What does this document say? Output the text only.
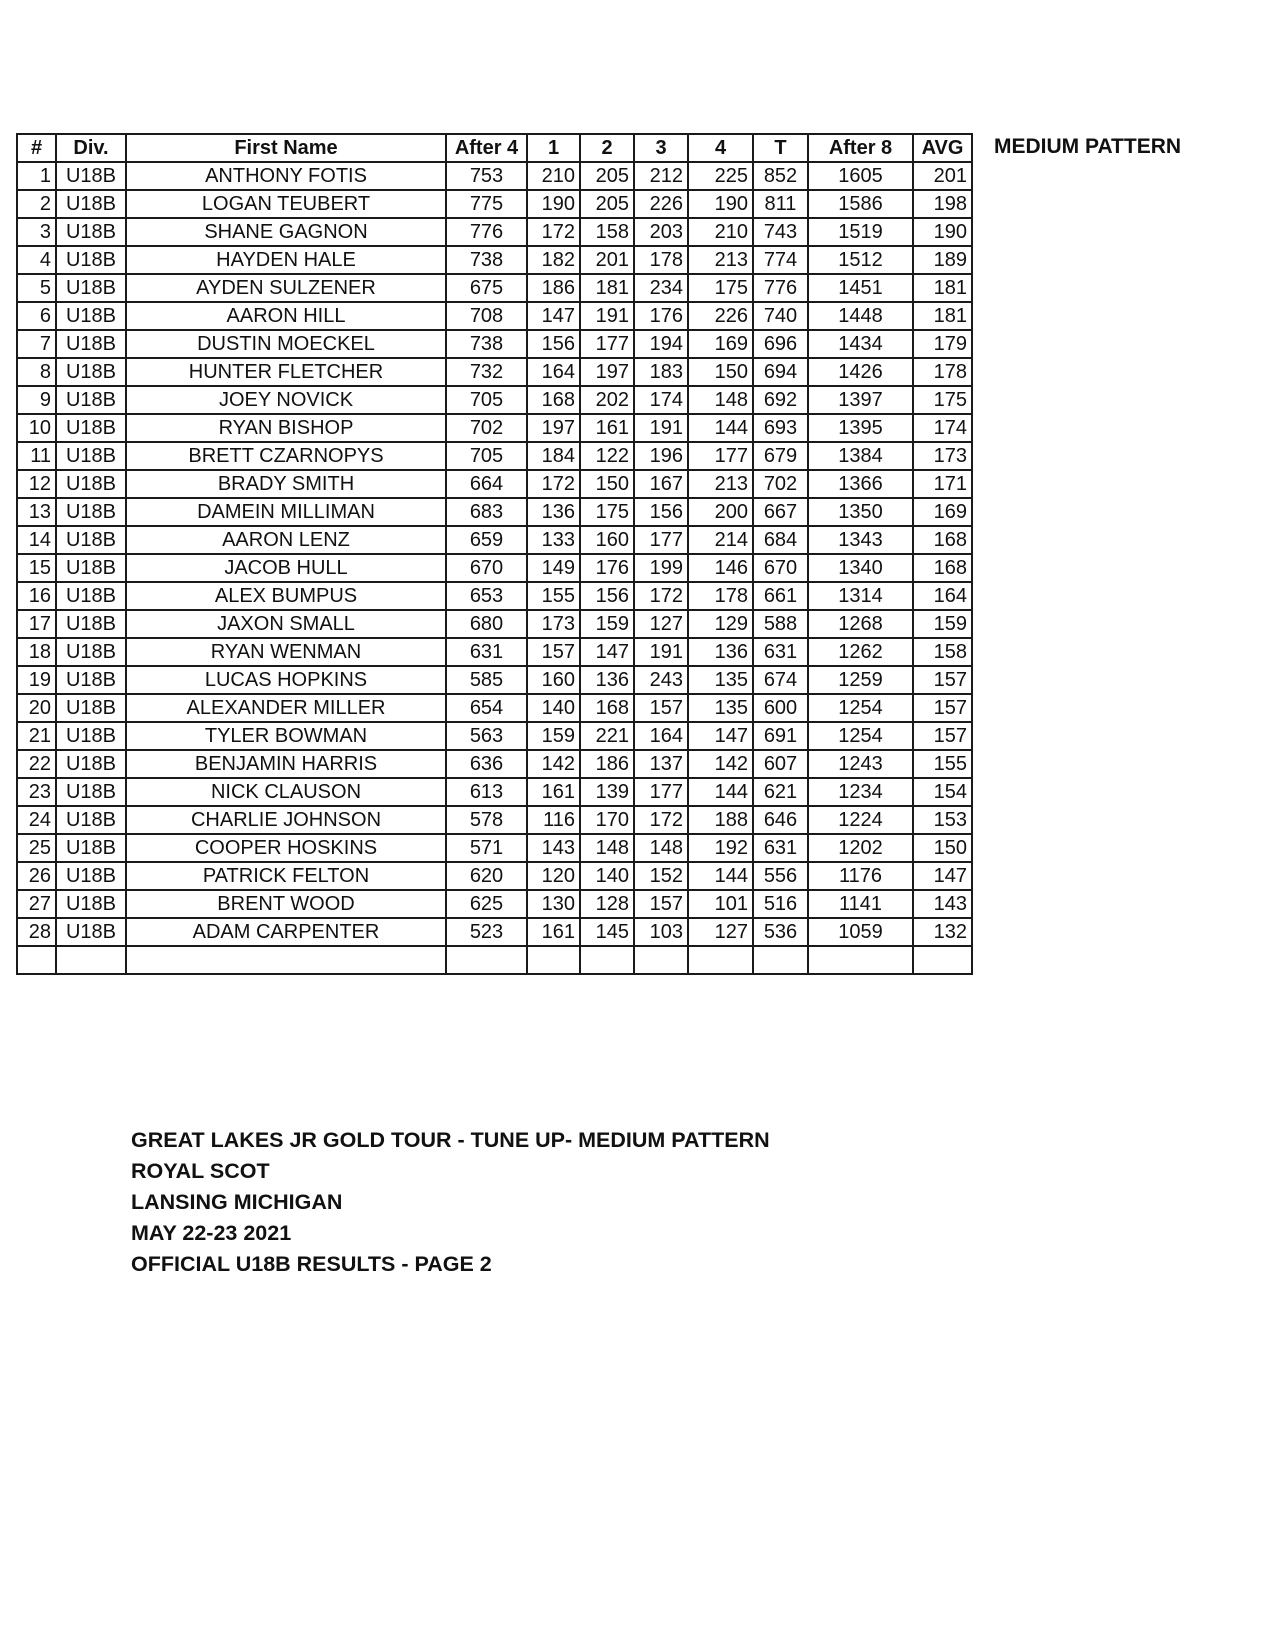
#	Div.	First Name	After 4	1	2	3	4	T	After 8	AVG
1	U18B	ANTHONY FOTIS	753	210	205	212	225	852	1605	201
2	U18B	LOGAN TEUBERT	775	190	205	226	190	811	1586	198
3	U18B	SHANE GAGNON	776	172	158	203	210	743	1519	190
4	U18B	HAYDEN HALE	738	182	201	178	213	774	1512	189
5	U18B	AYDEN SULZENER	675	186	181	234	175	776	1451	181
6	U18B	AARON HILL	708	147	191	176	226	740	1448	181
7	U18B	DUSTIN MOECKEL	738	156	177	194	169	696	1434	179
8	U18B	HUNTER FLETCHER	732	164	197	183	150	694	1426	178
9	U18B	JOEY NOVICK	705	168	202	174	148	692	1397	175
10	U18B	RYAN BISHOP	702	197	161	191	144	693	1395	174
11	U18B	BRETT CZARNOPYS	705	184	122	196	177	679	1384	173
12	U18B	BRADY SMITH	664	172	150	167	213	702	1366	171
13	U18B	DAMEIN MILLIMAN	683	136	175	156	200	667	1350	169
14	U18B	AARON LENZ	659	133	160	177	214	684	1343	168
15	U18B	JACOB HULL	670	149	176	199	146	670	1340	168
16	U18B	ALEX BUMPUS	653	155	156	172	178	661	1314	164
17	U18B	JAXON SMALL	680	173	159	127	129	588	1268	159
18	U18B	RYAN WENMAN	631	157	147	191	136	631	1262	158
19	U18B	LUCAS HOPKINS	585	160	136	243	135	674	1259	157
20	U18B	ALEXANDER MILLER	654	140	168	157	135	600	1254	157
21	U18B	TYLER BOWMAN	563	159	221	164	147	691	1254	157
22	U18B	BENJAMIN HARRIS	636	142	186	137	142	607	1243	155
23	U18B	NICK CLAUSON	613	161	139	177	144	621	1234	154
24	U18B	CHARLIE JOHNSON	578	116	170	172	188	646	1224	153
25	U18B	COOPER HOSKINS	571	143	148	148	192	631	1202	150
26	U18B	PATRICK FELTON	620	120	140	152	144	556	1176	147
27	U18B	BRENT WOOD	625	130	128	157	101	516	1141	143
28	U18B	ADAM CARPENTER	523	161	145	103	127	536	1059	132

MEDIUM PATTERN
GREAT LAKES JR GOLD TOUR - TUNE UP- MEDIUM PATTERN
ROYAL SCOT
LANSING MICHIGAN
MAY 22-23 2021
OFFICIAL U18B RESULTS - PAGE 2
